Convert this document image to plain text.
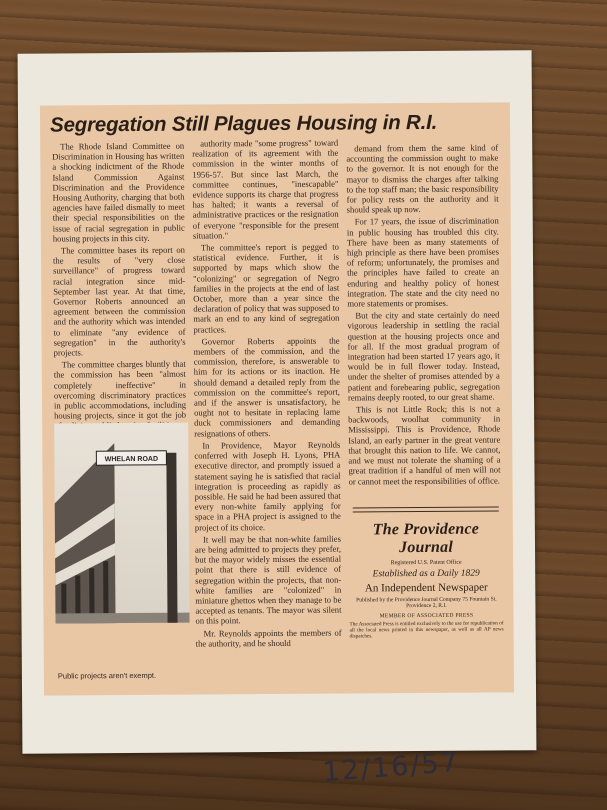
Segregation Still Plagues Housing in R.I.

The Rhode Island Committee on Discrimination in Housing has written a shocking indictment of the Rhode Island Commission Against Discrimination and the Providence Housing Authority, charging that both agencies have failed dismally to meet their special responsibilities on the issue of racial segregation in public housing projects in this city.

The committee bases its report on the results of "very close surveillance" of progress toward racial integration since mid-September last year. At that time, Governor Roberts announced an agreement between the commission and the authority which was intended to eliminate "any evidence of segregation" in the authority's projects.

The committee charges bluntly that the commission has been "almost completely ineffective" in overcoming discriminatory practices in public accommodations, including housing projects, since it got the job

WHELAN ROAD
Public projects aren't exempt.

authority made "some progress" toward realization of its agreement with the commission in the winter months of 1956-57. But since last March, the committee continues, "inescapable" evidence supports its charge that progress has halted; it wants a reversal of administrative practices or the resignation of everyone "responsible for the present situation."

The committee's report is pegged to statistical evidence. Further, it is supported by maps which show the "colonizing" or segregation of Negro families in the projects at the end of last October, more than a year since the declaration of policy that was supposed to mark an end to any kind of segregation practices.

Governor Roberts appoints the members of the commission, and the commission, therefore, is answerable to him for its actions or its inaction. He should demand a detailed reply from the commission on the committee's report, and if the answer is unsatisfactory, he ought not to hesitate in replacing lame duck commissioners and demanding resignations of others.

In Providence, Mayor Reynolds conferred with Joseph H. Lyons, PHA executive director, and promptly issued a statement saying he is satisfied that racial integration is proceeding as rapidly as possible. He said he had been assured that every non-white family applying for space in a PHA project is assigned to the project of its choice.

It well may be that non-white families are being admitted to projects they prefer, but the mayor widely misses the essential point that there is still evidence of segregation within the projects, that non-white families are "colonized" in miniature ghettos when they manage to be accepted as tenants. The mayor was silent on this point.

Mr. Reynolds appoints the members of the authority, and he should

demand from them the same kind of accounting the commission ought to make to the governor. It is not enough for the mayor to dismiss the charges after talking to the top staff man; the basic responsibility for policy rests on the authority and it should speak up now.

For 17 years, the issue of discrimination in public housing has troubled this city. There have been as many statements of high principle as there have been promises of reform; unfortunately, the promises and the principles have failed to create an enduring and healthy policy of honest integration. The state and the city need no more statements or promises.

But the city and state certainly do need vigorous leadership in settling the racial question at the housing projects once and for all. If the most gradual program of integration had been started 17 years ago, it would be in full flower today. Instead, under the shelter of promises attended by a patient and forebearing public, segregation remains deeply rooted, to our great shame.

This is not Little Rock; this is not a backwoods, woolhat community in Mississippi. This is Providence, Rhode Island, an early partner in the great venture that brought this nation to life. We cannot, and we must not tolerate the shaming of a great tradition if a handful of men will not or cannot meet the responsibilities of office.

The Providence Journal
Registered U.S. Patent Office
Established as a Daily 1829
An Independent Newspaper
Published by the Providence Journal Company 75 Fountain St. Providence 2, R.I.
MEMBER OF ASSOCIATED PRESS
The Associated Press is entitled exclusively to the use for republication of all the local news printed in this newspaper, as well as all AP news dispatches.
12/16/57
